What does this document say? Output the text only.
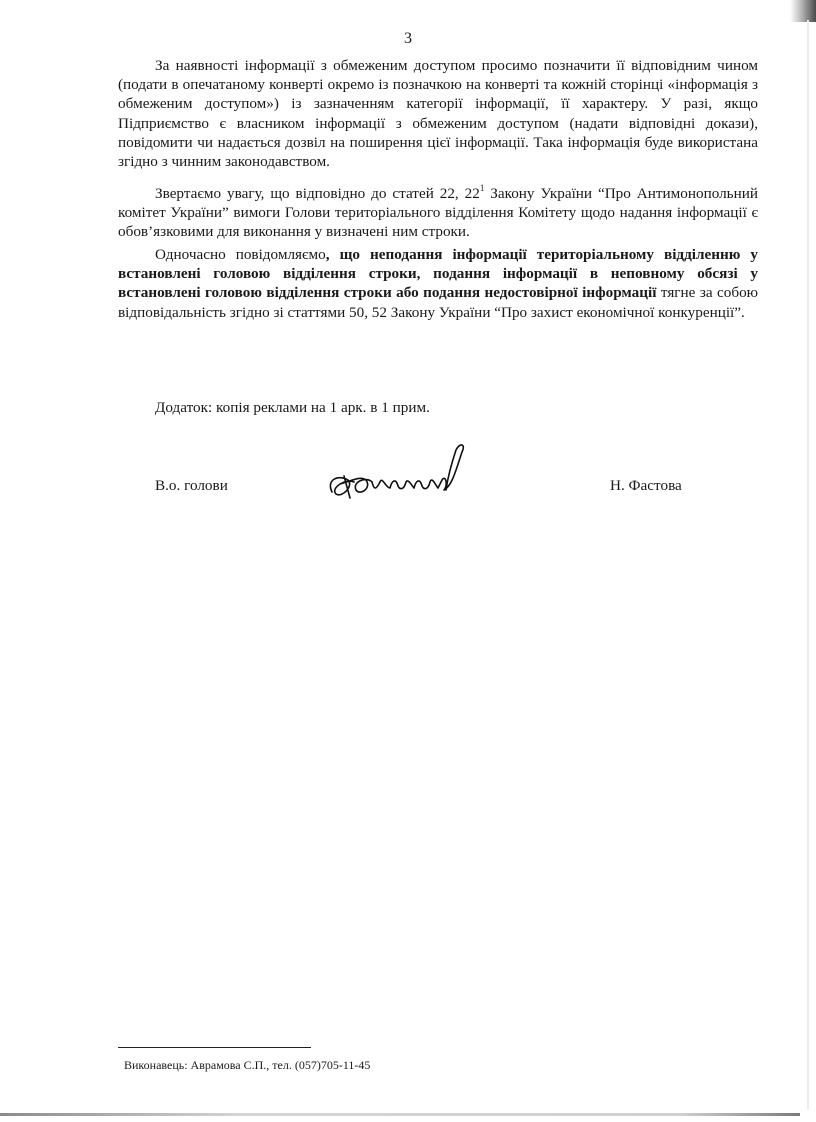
3

За наявності інформації з обмеженим доступом просимо позначити її відповідним чином (подати в опечатаному конверті окремо із позначкою на конверті та кожній сторінці «інформація з обмеженим доступом») із зазначенням категорії інформації, її характеру. У разі, якщо Підприємство є власником інформації з обмеженим доступом (надати відповідні докази), повідомити чи надається дозвіл на поширення цієї інформації. Така інформація буде використана згідно з чинним законодавством.

Звертаємо увагу, що відповідно до статей 22, $22^1$ Закону України “Про Антимонопольний комітет України” вимоги Голови територіального відділення Комітету щодо надання інформації є обов’язковими для виконання у визначені ним строки.

Одночасно повідомляємо, що неподання інформації територіальному відділенню у встановлені головою відділення строки, подання інформації в неповному обсязі у встановлені головою відділення строки або подання недостовірної інформації тягне за собою відповідальність згідно зі статтями 50, 52 Закону України “Про захист економічної конкуренції”.

Додаток: копія реклами на 1 арк. в 1 прим.
В.о. голови	Н. Фастова
Виконавець: Аврамова С.П., тел. (057)705-11-45
